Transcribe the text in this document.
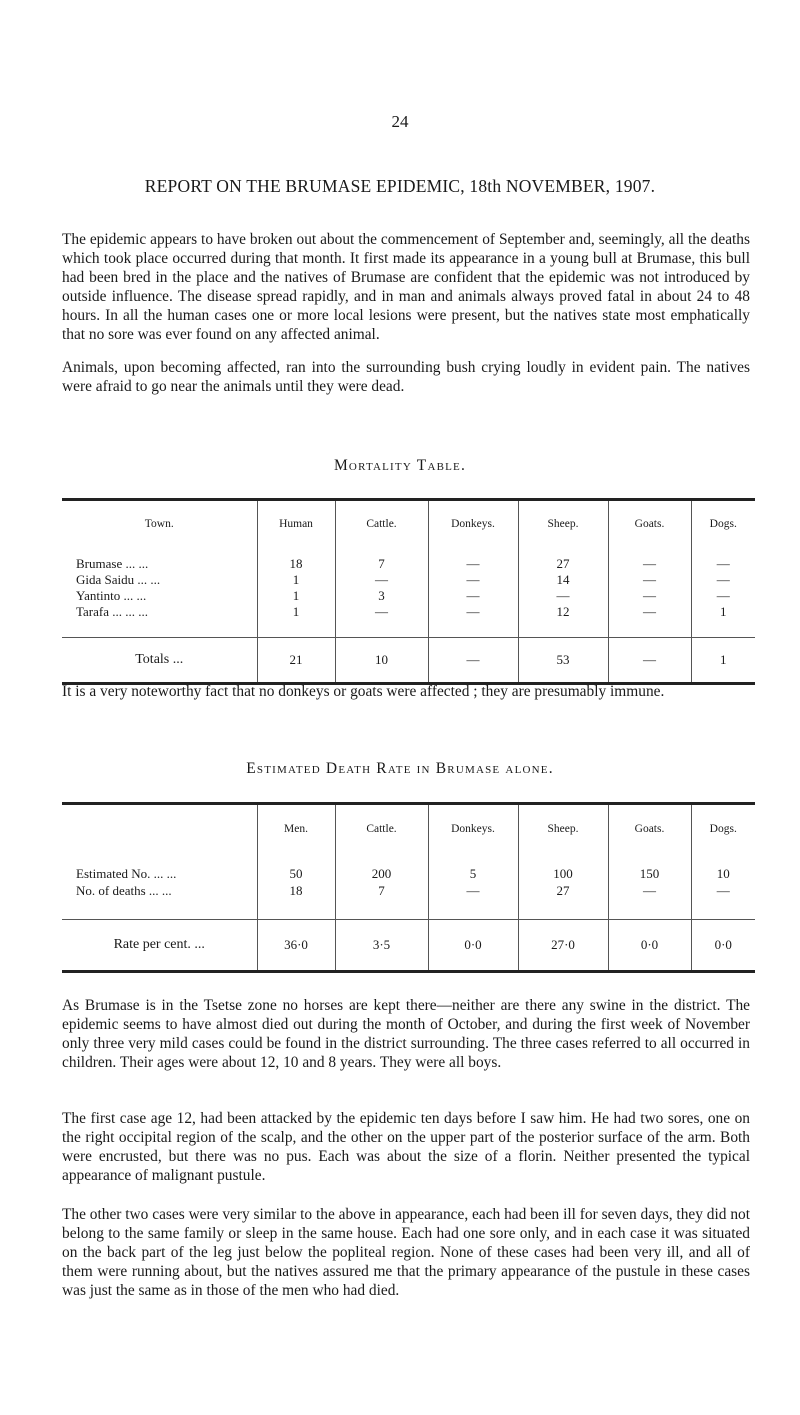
24
REPORT ON THE BRUMASE EPIDEMIC, 18th NOVEMBER, 1907.

The epidemic appears to have broken out about the commencement of September and, seemingly, all the deaths which took place occurred during that month. It first made its appearance in a young bull at Brumase, this bull had been bred in the place and the natives of Brumase are confident that the epidemic was not introduced by outside influence. The disease spread rapidly, and in man and animals always proved fatal in about 24 to 48 hours. In all the human cases one or more local lesions were present, but the natives state most emphatically that no sore was ever found on any affected animal.

Animals, upon becoming affected, ran into the surrounding bush crying loudly in evident pain. The natives were afraid to go near the animals until they were dead.

Mortality Table.
Town.	Human	Cattle.	Donkeys.	Sheep.	Goats.	Dogs.

Brumase ... ...	18	7	—	27	—	—
Gida Saidu ... ...	1	—	—	14	—	—
Yantinto ... ...	1	3	—	—	—	—
Tarafa ... ... ...	1	—	—	12	—	1

Totals ...	21	10	—	53	—	1

It is a very noteworthy fact that no donkeys or goats were affected ; they are presumably immune.

Estimated Death Rate in Brumase alone.
	Men.	Cattle.	Donkeys.	Sheep.	Goats.	Dogs.

Estimated No. ... ...	50	200	5	100	150	10
No. of deaths ... ...	18	7	—	27	—	—

Rate per cent. ...	36·0	3·5	0·0	27·0	0·0	0·0

As Brumase is in the Tsetse zone no horses are kept there—neither are there any swine in the district. The epidemic seems to have almost died out during the month of October, and during the first week of November only three very mild cases could be found in the district surrounding. The three cases referred to all occurred in children. Their ages were about 12, 10 and 8 years. They were all boys.

The first case age 12, had been attacked by the epidemic ten days before I saw him. He had two sores, one on the right occipital region of the scalp, and the other on the upper part of the posterior surface of the arm. Both were encrusted, but there was no pus. Each was about the size of a florin. Neither presented the typical appearance of malignant pustule.

The other two cases were very similar to the above in appearance, each had been ill for seven days, they did not belong to the same family or sleep in the same house. Each had one sore only, and in each case it was situated on the back part of the leg just below the popliteal region. None of these cases had been very ill, and all of them were running about, but the natives assured me that the primary appearance of the pustule in these cases was just the same as in those of the men who had died.
